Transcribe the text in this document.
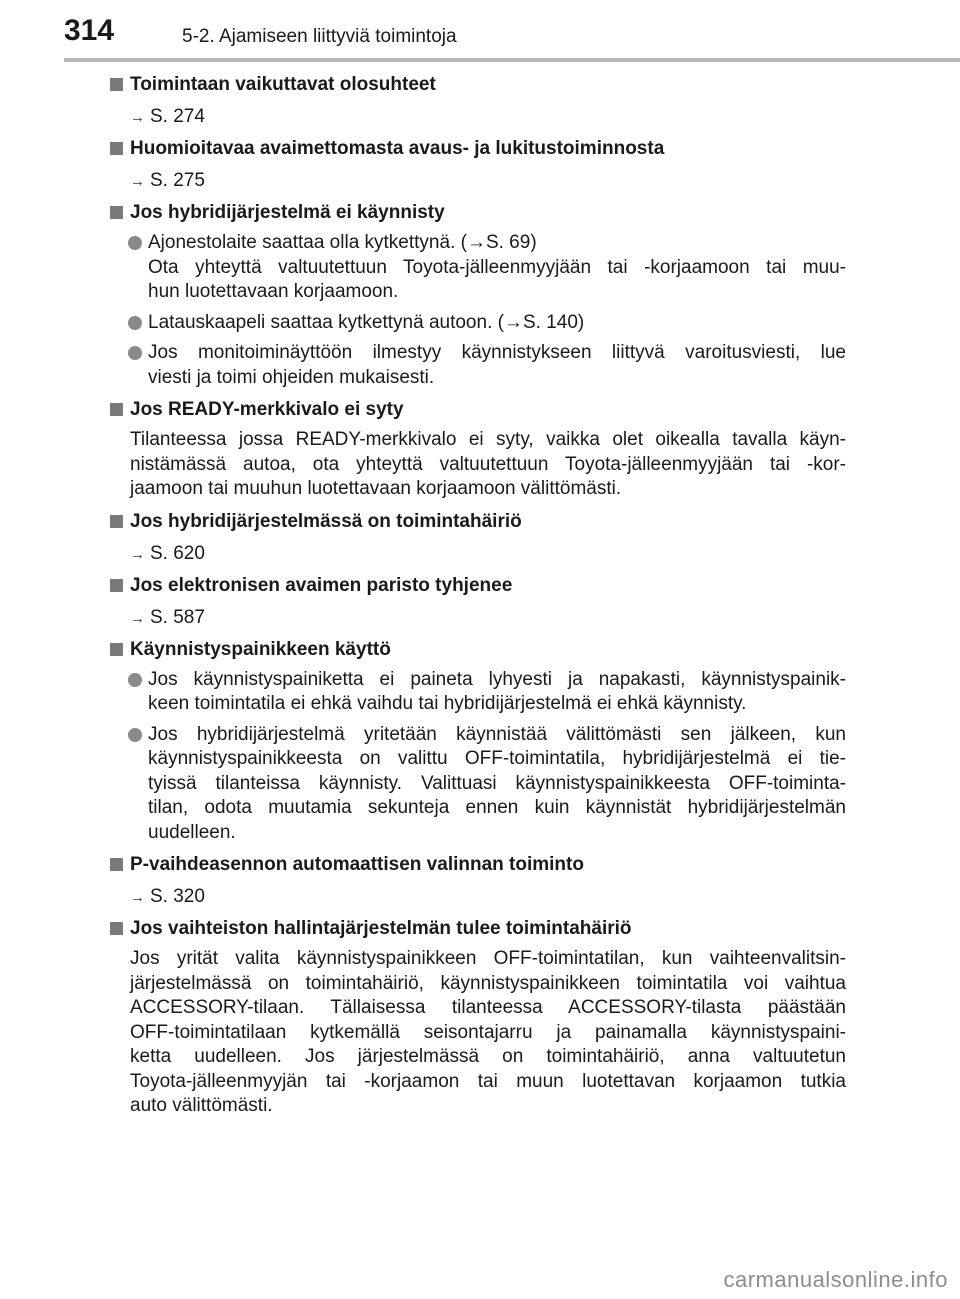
314	5-2. Ajamiseen liittyviä toimintoja
Toimintaan vaikuttavat olosuhteet
→ S. 274
Huomioitavaa avaimettomasta avaus- ja lukitustoiminnosta
→ S. 275
Jos hybridijärjestelmä ei käynnisty
Ajonestolaite saattaa olla kytkettynä. (→S. 69)
Ota yhteyttä valtuutettuun Toyota-jälleenmyyjään tai -korjaamoon tai muu-
hun luotettavaan korjaamoon.
Latauskaapeli saattaa kytkettynä autoon. (→S. 140)
Jos monitoiminäyttöön ilmestyy käynnistykseen liittyvä varoitusviesti, lue
viesti ja toimi ohjeiden mukaisesti.
Jos READY-merkkivalo ei syty
Tilanteessa jossa READY-merkkivalo ei syty, vaikka olet oikealla tavalla käyn-
nistämässä autoa, ota yhteyttä valtuutettuun Toyota-jälleenmyyjään tai -kor-
jaamoon tai muuhun luotettavaan korjaamoon välittömästi.
Jos hybridijärjestelmässä on toimintahäiriö
→ S. 620
Jos elektronisen avaimen paristo tyhjenee
→ S. 587
Käynnistyspainikkeen käyttö
Jos käynnistyspainiketta ei paineta lyhyesti ja napakasti, käynnistyspainik-
keen toimintatila ei ehkä vaihdu tai hybridijärjestelmä ei ehkä käynnisty.
Jos hybridijärjestelmä yritetään käynnistää välittömästi sen jälkeen, kun
käynnistyspainikkeesta on valittu OFF-toimintatila, hybridijärjestelmä ei tie-
tyissä tilanteissa käynnisty. Valittuasi käynnistyspainikkeesta OFF-toiminta-
tilan, odota muutamia sekunteja ennen kuin käynnistät hybridijärjestelmän
uudelleen.
P-vaihdeasennon automaattisen valinnan toiminto
→ S. 320
Jos vaihteiston hallintajärjestelmän tulee toimintahäiriö
Jos yrität valita käynnistyspainikkeen OFF-toimintatilan, kun vaihteenvalitsin-
järjestelmässä on toimintahäiriö, käynnistyspainikkeen toimintatila voi vaihtua
ACCESSORY-tilaan. Tällaisessa tilanteessa ACCESSORY-tilasta päästään
OFF-toimintatilaan kytkemällä seisontajarru ja painamalla käynnistyspaini-
ketta uudelleen. Jos järjestelmässä on toimintahäiriö, anna valtuutetun
Toyota-jälleenmyyjän tai -korjaamon tai muun luotettavan korjaamon tutkia
auto välittömästi.
carmanualsonline.info
